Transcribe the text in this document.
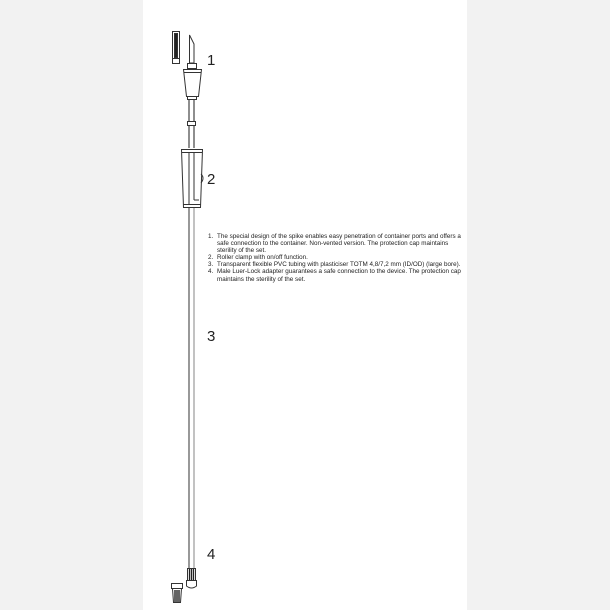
1
2
3
4
1. The special design of the spike enables easy penetration of container ports and offers a safe connection to the container. Non-vented version. The protection cap maintains sterility of the set.
2. Roller clamp with on/off function.
3. Transparent flexible PVC tubing with plasticiser TOTM 4,8/7,2 mm (ID/OD) (large bore).
4. Male Luer-Lock adapter guarantees a safe connection to the device. The protection cap maintains the sterility of the set.
